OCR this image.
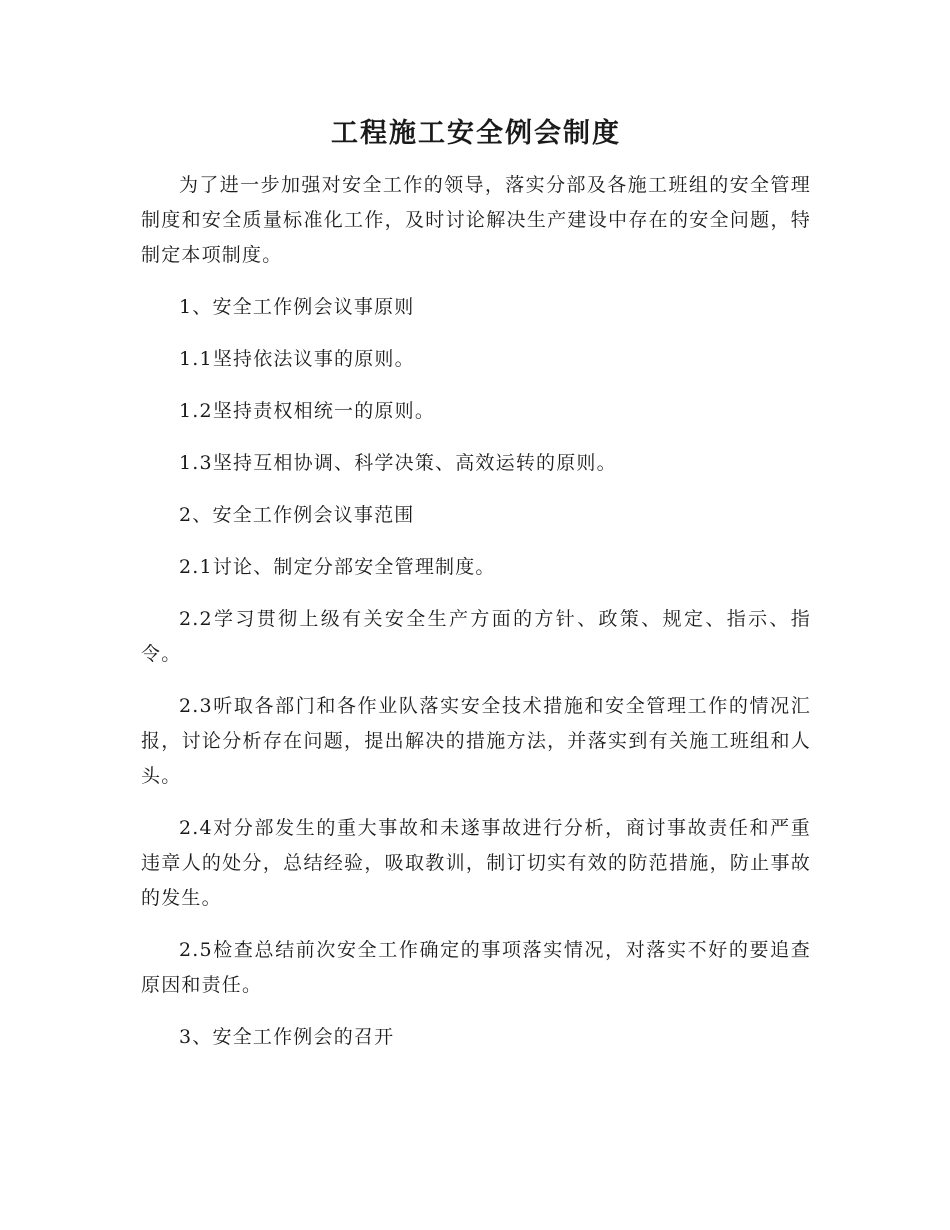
工程施工安全例会制度

为了进一步加强对安全工作的领导，落实分部及各施工班组的安全管理制度和安全质量标准化工作，及时讨论解决生产建设中存在的安全问题，特制定本项制度。

1、安全工作例会议事原则

1.1坚持依法议事的原则。

1.2坚持责权相统一的原则。

1.3坚持互相协调、科学决策、高效运转的原则。

2、安全工作例会议事范围

2.1讨论、制定分部安全管理制度。

2.2学习贯彻上级有关安全生产方面的方针、政策、规定、指示、指令。

2.3听取各部门和各作业队落实安全技术措施和安全管理工作的情况汇报，讨论分析存在问题，提出解决的措施方法，并落实到有关施工班组和人头。

2.4对分部发生的重大事故和未遂事故进行分析，商讨事故责任和严重违章人的处分，总结经验，吸取教训，制订切实有效的防范措施，防止事故的发生。

2.5检查总结前次安全工作确定的事项落实情况，对落实不好的要追查原因和责任。

3、安全工作例会的召开
